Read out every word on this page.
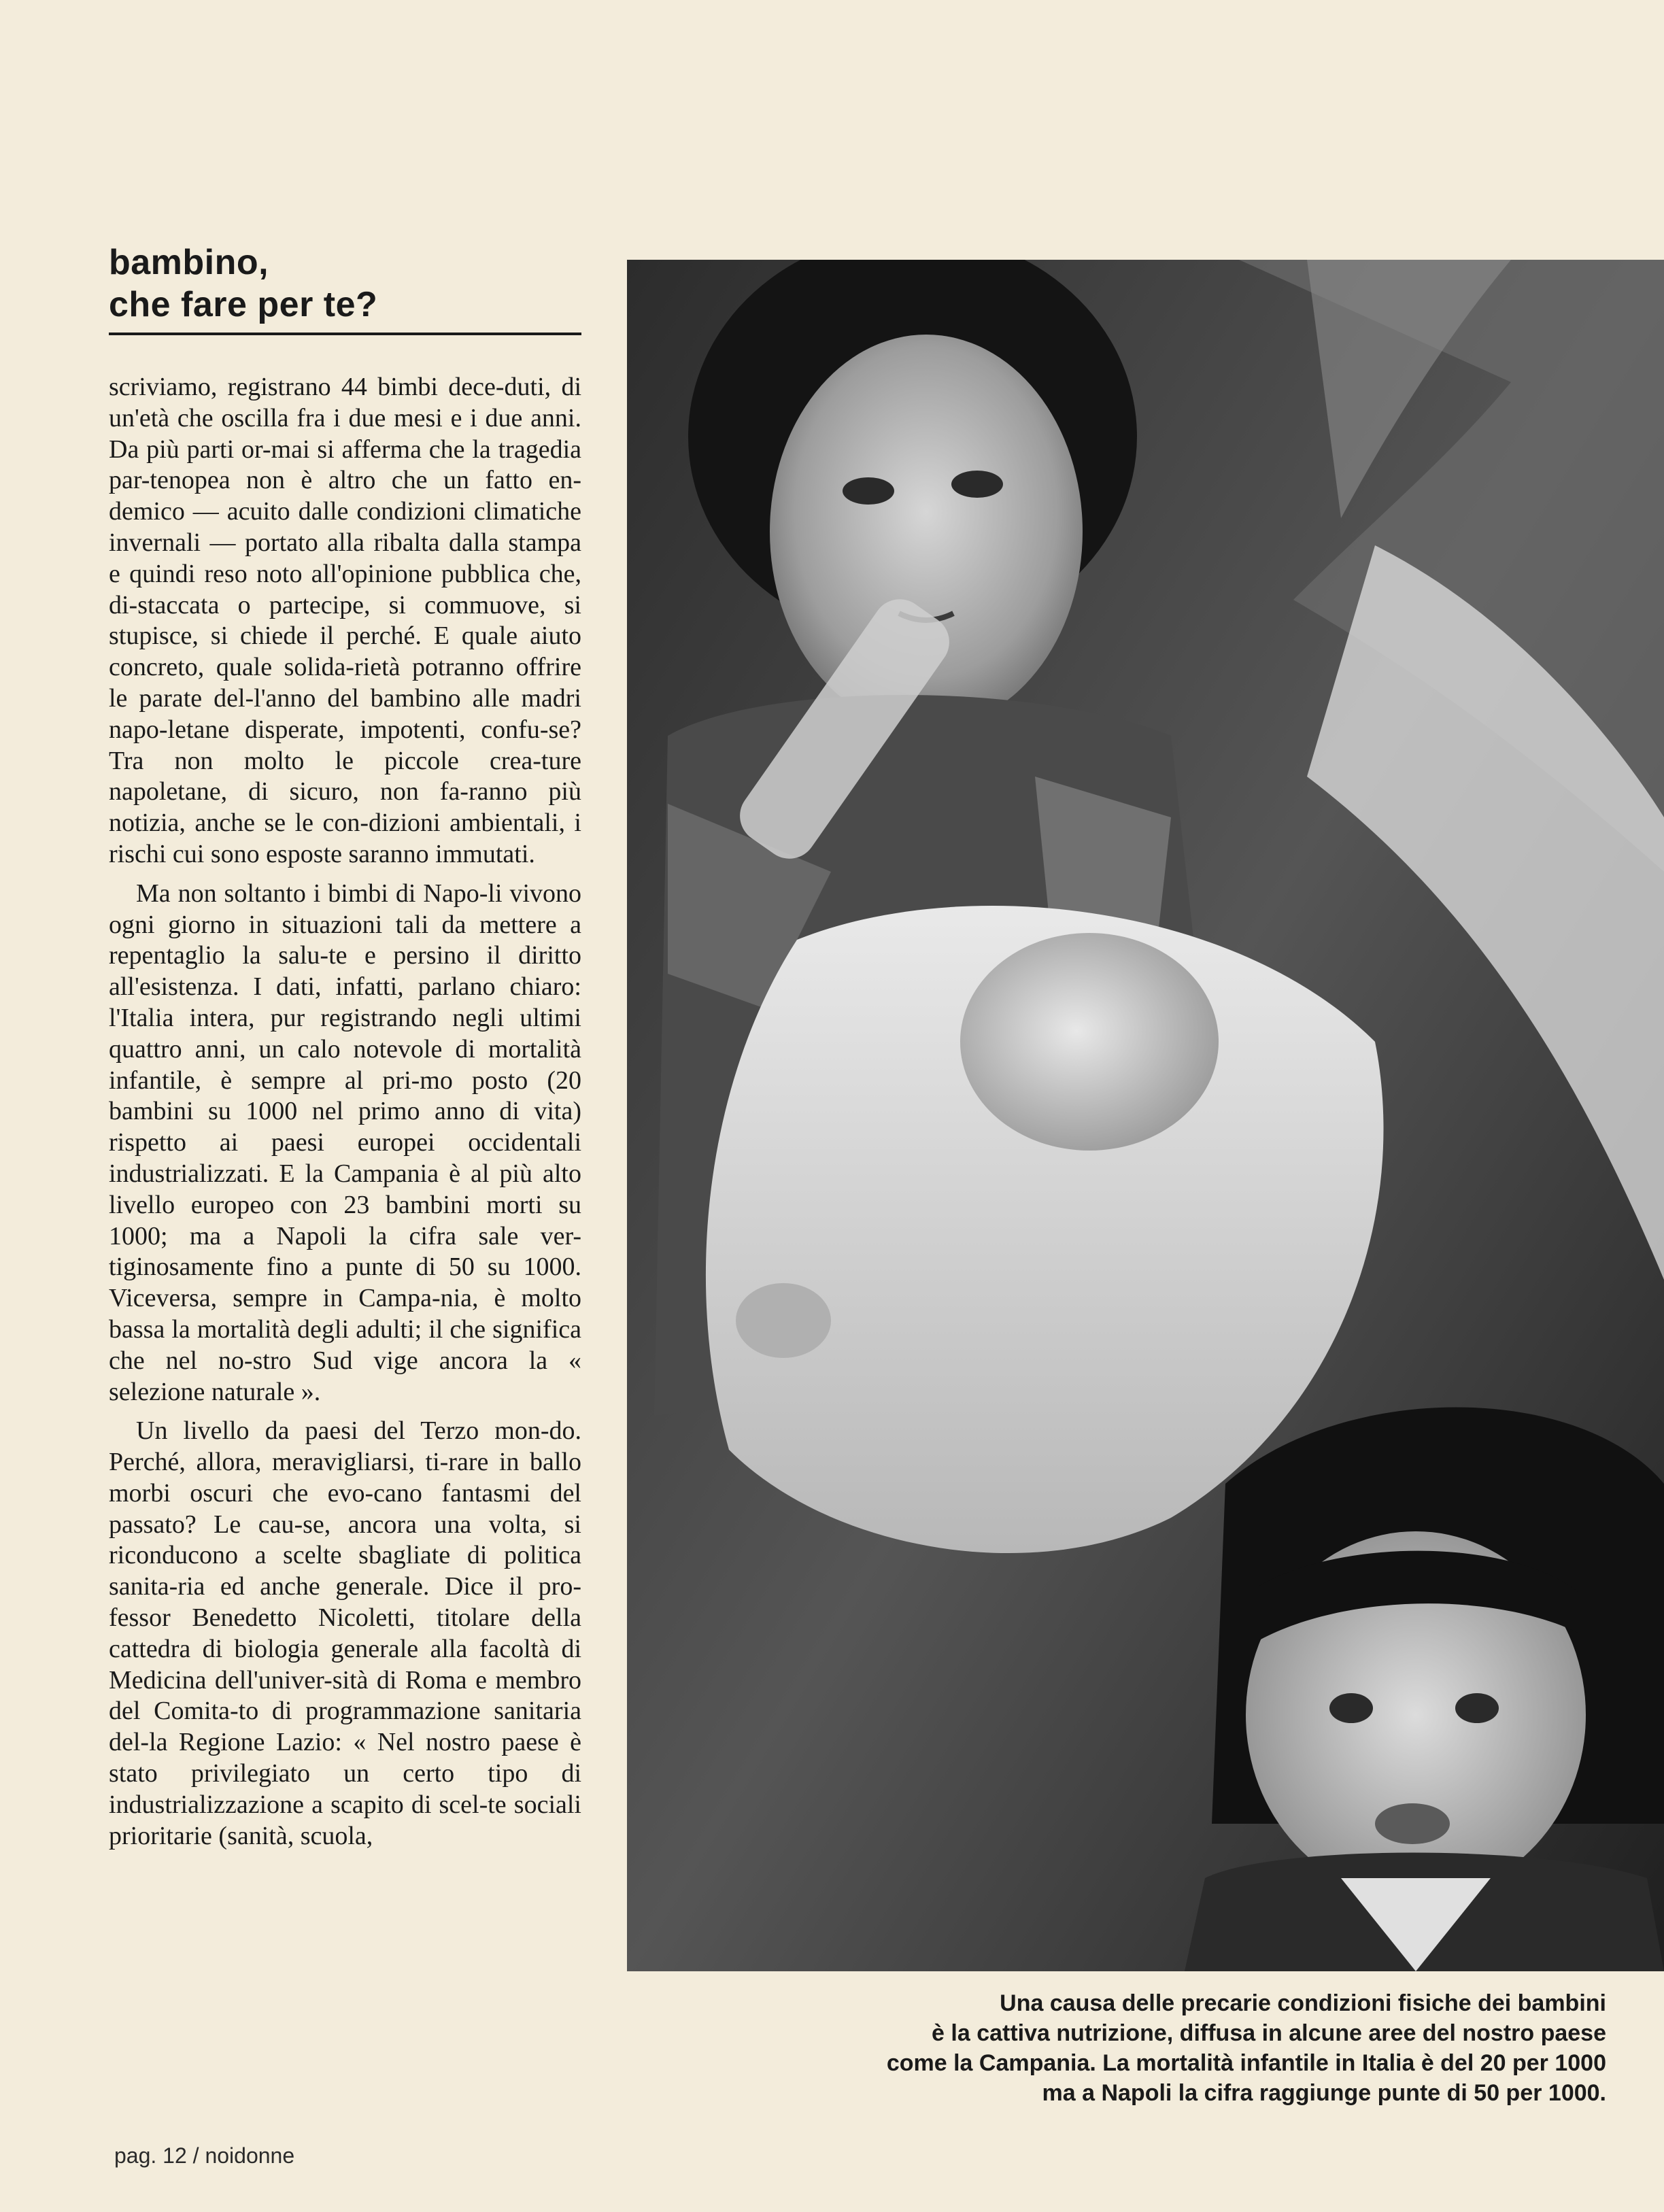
bambino,
che fare per te?

scriviamo, registrano 44 bimbi dece-duti, di un'età che oscilla fra i due mesi e i due anni. Da più parti or-mai si afferma che la tragedia par-tenopea non è altro che un fatto en-demico — acuito dalle condizioni climatiche invernali — portato alla ribalta dalla stampa e quindi reso noto all'opinione pubblica che, di-staccata o partecipe, si commuove, si stupisce, si chiede il perché. E quale aiuto concreto, quale solida-rietà potranno offrire le parate del-l'anno del bambino alle madri napo-letane disperate, impotenti, confu-se? Tra non molto le piccole crea-ture napoletane, di sicuro, non fa-ranno più notizia, anche se le con-dizioni ambientali, i rischi cui sono esposte saranno immutati.

Ma non soltanto i bimbi di Napo-li vivono ogni giorno in situazioni tali da mettere a repentaglio la salu-te e persino il diritto all'esistenza. I dati, infatti, parlano chiaro: l'Italia intera, pur registrando negli ultimi quattro anni, un calo notevole di mortalità infantile, è sempre al pri-mo posto (20 bambini su 1000 nel primo anno di vita) rispetto ai paesi europei occidentali industrializzati. E la Campania è al più alto livello europeo con 23 bambini morti su 1000; ma a Napoli la cifra sale ver-tiginosamente fino a punte di 50 su 1000. Viceversa, sempre in Campa-nia, è molto bassa la mortalità degli adulti; il che significa che nel no-stro Sud vige ancora la « selezione naturale ».

Un livello da paesi del Terzo mon-do. Perché, allora, meravigliarsi, ti-rare in ballo morbi oscuri che evo-cano fantasmi del passato? Le cau-se, ancora una volta, si riconducono a scelte sbagliate di politica sanita-ria ed anche generale. Dice il pro-fessor Benedetto Nicoletti, titolare della cattedra di biologia generale alla facoltà di Medicina dell'univer-sità di Roma e membro del Comita-to di programmazione sanitaria del-la Regione Lazio: « Nel nostro paese è stato privilegiato un certo tipo di industrializzazione a scapito di scel-te sociali prioritarie (sanità, scuola,

Una causa delle precarie condizioni fisiche dei bambini
è la cattiva nutrizione, diffusa in alcune aree del nostro paese
come la Campania. La mortalità infantile in Italia è del 20 per 1000
ma a Napoli la cifra raggiunge punte di 50 per 1000.
pag. 12 / noidonne
